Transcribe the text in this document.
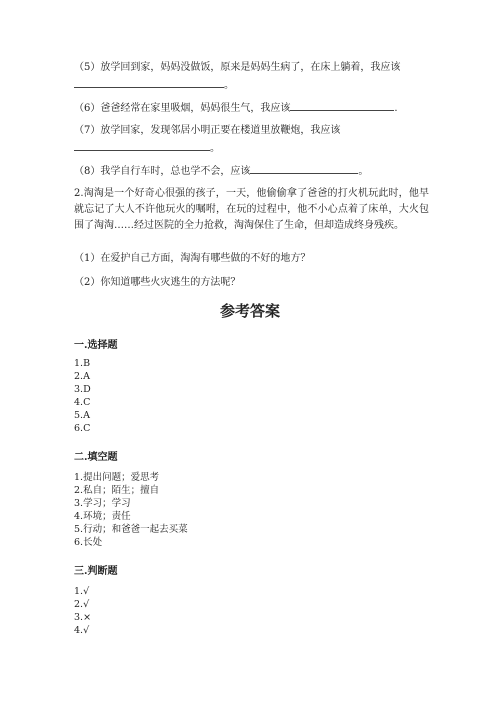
（5）放学回到家，妈妈没做饭，原来是妈妈生病了，在床上躺着，我应该
。
（6）爸爸经常在家里吸烟，妈妈很生气，我应该	.
（7）放学回家，发现邻居小明正要在楼道里放鞭炮，我应该
。
（8）我学自行车时，总也学不会，应该	。
2.淘淘是一个好奇心很强的孩子，一天，他偷偷拿了爸爸的打火机玩此时，他早就忘记了大人不许他玩火的嘱咐，在玩的过程中，他不小心点着了床单，大火包围了淘淘……经过医院的全力抢救，淘淘保住了生命，但却造成终身残疾。
（1）在爱护自己方面，淘淘有哪些做的不好的地方？
（2）你知道哪些火灾逃生的方法呢？
参考答案
一.选择题
1.B
2.A
3.D
4.C
5.A
6.C
二.填空题
1.提出问题；爱思考
2.私自；陌生；擅自
3.学习；学习
4.环境；责任
5.行动；和爸爸一起去买菜
6.长处
三.判断题
1.√
2.√
3.×
4.√
